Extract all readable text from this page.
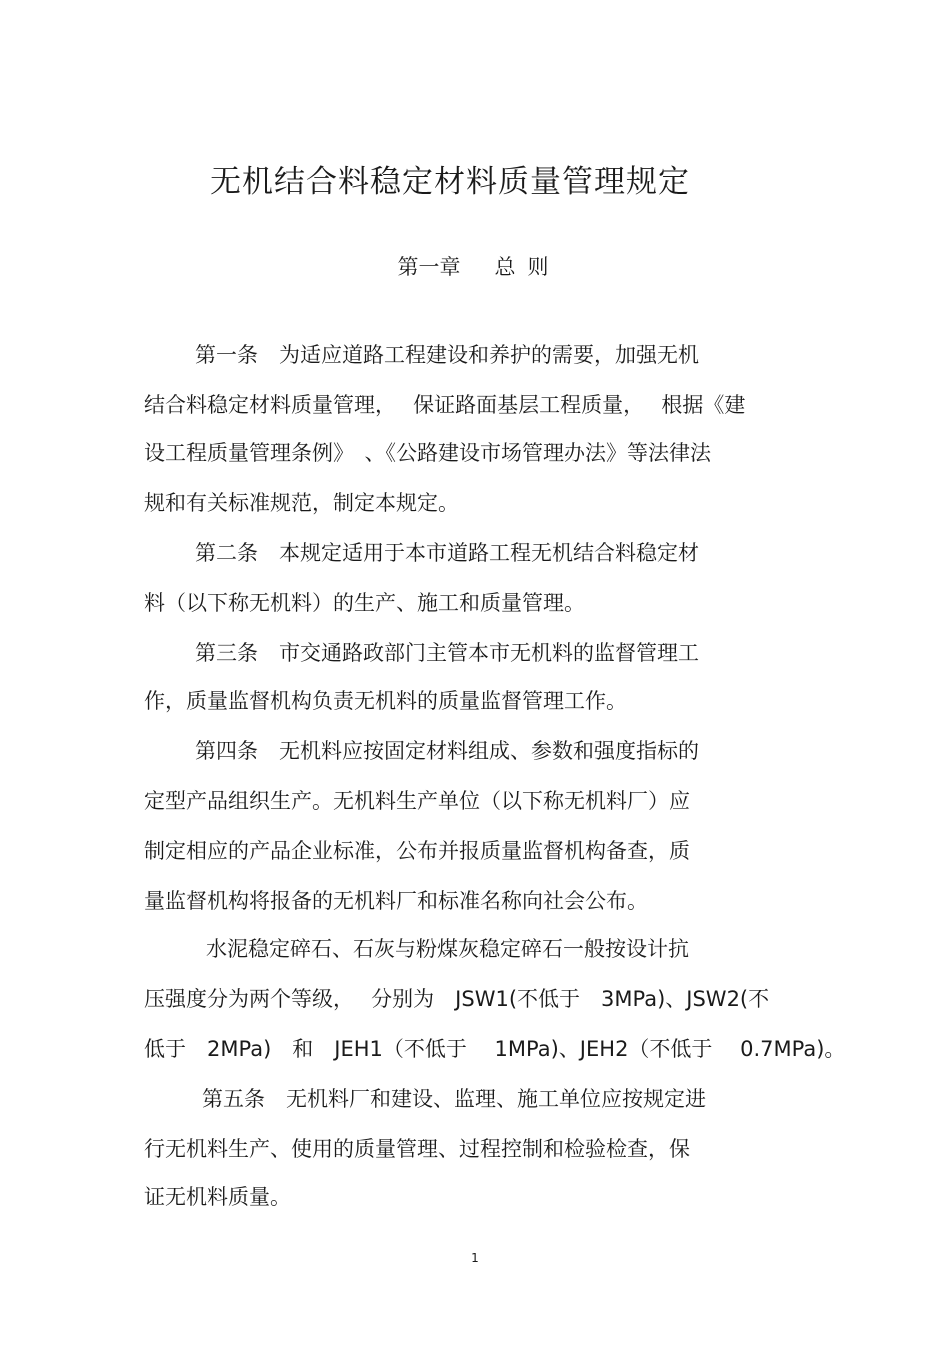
无机结合料稳定材料质量管理规定
第一章 总 则
第一条　为适应道路工程建设和养护的需要，加强无机
结合料稳定材料质量管理，　 保证路面基层工程质量，　 根据《建
设工程质量管理条例》　、《公路建设市场管理办法》等法律法
规和有关标准规范，制定本规定。
第二条　本规定适用于本市道路工程无机结合料稳定材
料（以下称无机料）的生产、施工和质量管理。
第三条　市交通路政部门主管本市无机料的监督管理工
作，质量监督机构负责无机料的质量监督管理工作。
第四条　无机料应按固定材料组成、参数和强度指标的
定型产品组织生产。无机料生产单位（以下称无机料厂）应
制定相应的产品企业标准，公布并报质量监督机构备查，质
量监督机构将报备的无机料厂和标准名称向社会公布。
水泥稳定碎石、石灰与粉煤灰稳定碎石一般按设计抗
压强度分为两个等级，　 分别为　JSW1(不低于　3MPa)、JSW2(不
低于　2MPa)　和　JEH1（不低于　 1MPa)、JEH2（不低于　 0.7MPa)。
第五条　无机料厂和建设、监理、施工单位应按规定进
行无机料生产、使用的质量管理、过程控制和检验检查，保
证无机料质量。
1
